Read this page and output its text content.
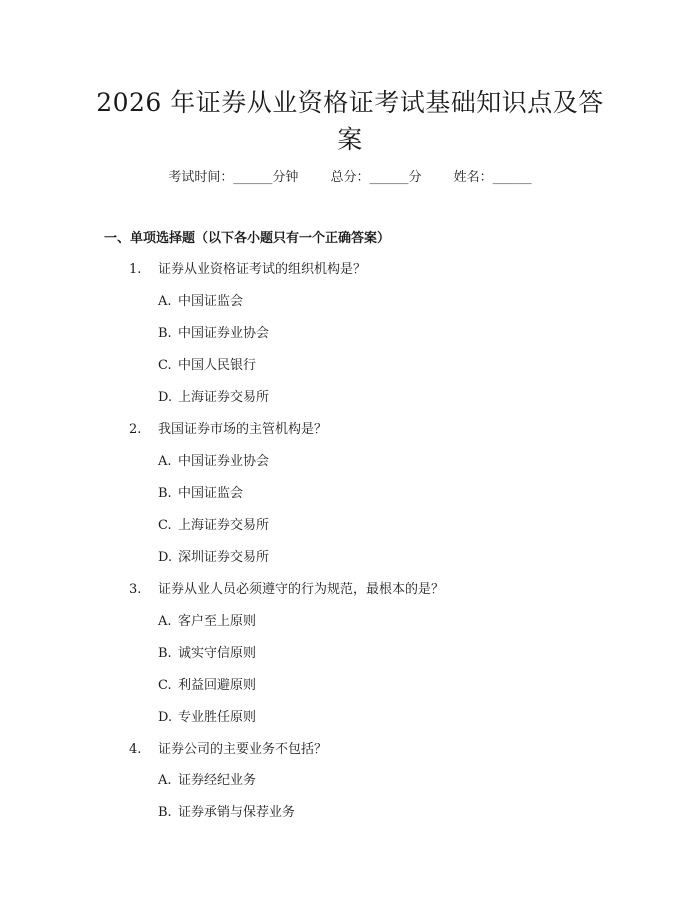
2026 年证券从业资格证考试基础知识点及答
案
考试时间：______分钟 总分：______分 姓名：______
一、单项选择题（以下各小题只有一个正确答案）
1.	证券从业资格证考试的组织机构是？
A. 中国证监会
B. 中国证券业协会
C. 中国人民银行
D. 上海证券交易所
2.	我国证券市场的主管机构是？
A. 中国证券业协会
B. 中国证监会
C. 上海证券交易所
D. 深圳证券交易所
3.	证券从业人员必须遵守的行为规范，最根本的是？
A. 客户至上原则
B. 诚实守信原则
C. 利益回避原则
D. 专业胜任原则
4.	证券公司的主要业务不包括？
A. 证券经纪业务
B. 证券承销与保荐业务
